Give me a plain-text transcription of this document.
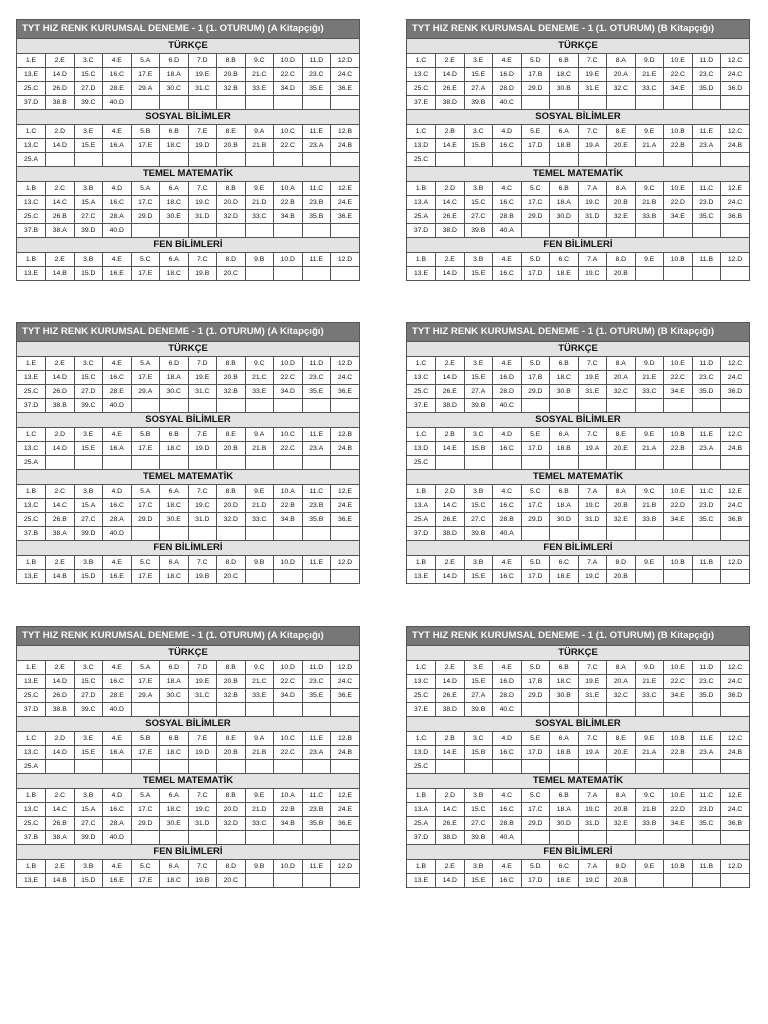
TYT HIZ RENK KURUMSAL DENEME - 1 (1. OTURUM) (A Kitapçığı)
TÜRKÇE
1.E	2.E	3.C	4.E	5.A	6.D	7.D	8.B	9.C	10.D	11.D	12.D
13.E	14.D	15.C	16.C	17.E	18.A	19.E	20.B	21.C	22.C	23.C	24.C
25.C	26.D	27.D	28.E	29.A	30.C	31.C	32.B	33.E	34.D	35.E	36.E
37.D	38.B	39.C	40.D								
SOSYAL BİLİMLER
1.C	2.D	3.E	4.E	5.B	6.B	7.E	8.E	9.A	10.C	11.E	12.B
13.C	14.D	15.E	16.A	17.E	18.C	19.D	20.B	21.B	22.C	23.A	24.B
25.A											
TEMEL MATEMATİK
1.B	2.C	3.B	4.D	5.A	6.A	7.C	8.B	9.E	10.A	11.C	12.E
13.C	14.C	15.A	16.C	17.C	18.C	19.C	20.D	21.D	22.B	23.B	24.E
25.C	26.B	27.C	28.A	29.D	30.E	31.D	32.D	33.C	34.B	35.B	36.E
37.B	38.A	39.D	40.D								
FEN BİLİMLERİ
1.B	2.E	3.B	4.E	5.C	6.A	7.C	8.D	9.B	10.D	11.E	12.D
13.E	14.B	15.D	16.E	17.E	18.C	19.B	20.C				
TYT HIZ RENK KURUMSAL DENEME - 1 (1. OTURUM) (B Kitapçığı)
TÜRKÇE
1.C	2.E	3.E	4.E	5.D	6.B	7.C	8.A	9.D	10.E	11.D	12.C
13.C	14.D	15.E	16.D	17.B	18.C	19.E	20.A	21.E	22.C	23.C	24.C
25.C	26.E	27.A	28.D	29.D	30.B	31.E	32.C	33.C	34.E	35.D	36.D
37.E	38.D	39.B	40.C								
SOSYAL BİLİMLER
1.C	2.B	3.C	4.D	5.E	6.A	7.C	8.E	9.E	10.B	11.E	12.C
13.D	14.E	15.B	16.C	17.D	18.B	19.A	20.E	21.A	22.B	23.A	24.B
25.C											
TEMEL MATEMATİK
1.B	2.D	3.B	4.C	5.C	6.B	7.A	8.A	9.C	10.E	11.C	12.E
13.A	14.C	15.C	16.C	17.C	18.A	19.C	20.B	21.B	22.D	23.D	24.C
25.A	26.E	27.C	28.B	29.D	30.D	31.D	32.E	33.B	34.E	35.C	36.B
37.D	38.D	39.B	40.A								
FEN BİLİMLERİ
1.B	2.E	3.B	4.E	5.D	6.C	7.A	8.D	9.E	10.B	11.B	12.D
13.E	14.D	15.E	16.C	17.D	18.E	19.C	20.B				
TYT HIZ RENK KURUMSAL DENEME - 1 (1. OTURUM) (A Kitapçığı)
TÜRKÇE
1.E	2.E	3.C	4.E	5.A	6.D	7.D	8.B	9.C	10.D	11.D	12.D
13.E	14.D	15.C	16.C	17.E	18.A	19.E	20.B	21.C	22.C	23.C	24.C
25.C	26.D	27.D	28.E	29.A	30.C	31.C	32.B	33.E	34.D	35.E	36.E
37.D	38.B	39.C	40.D								
SOSYAL BİLİMLER
1.C	2.D	3.E	4.E	5.B	6.B	7.E	8.E	9.A	10.C	11.E	12.B
13.C	14.D	15.E	16.A	17.E	18.C	19.D	20.B	21.B	22.C	23.A	24.B
25.A											
TEMEL MATEMATİK
1.B	2.C	3.B	4.D	5.A	6.A	7.C	8.B	9.E	10.A	11.C	12.E
13.C	14.C	15.A	16.C	17.C	18.C	19.C	20.D	21.D	22.B	23.B	24.E
25.C	26.B	27.C	28.A	29.D	30.E	31.D	32.D	33.C	34.B	35.B	36.E
37.B	38.A	39.D	40.D								
FEN BİLİMLERİ
1.B	2.E	3.B	4.E	5.C	6.A	7.C	8.D	9.B	10.D	11.E	12.D
13.E	14.B	15.D	16.E	17.E	18.C	19.B	20.C				
TYT HIZ RENK KURUMSAL DENEME - 1 (1. OTURUM) (B Kitapçığı)
TÜRKÇE
1.C	2.E	3.E	4.E	5.D	6.B	7.C	8.A	9.D	10.E	11.D	12.C
13.C	14.D	15.E	16.D	17.B	18.C	19.E	20.A	21.E	22.C	23.C	24.C
25.C	26.E	27.A	28.D	29.D	30.B	31.E	32.C	33.C	34.E	35.D	36.D
37.E	38.D	39.B	40.C								
SOSYAL BİLİMLER
1.C	2.B	3.C	4.D	5.E	6.A	7.C	8.E	9.E	10.B	11.E	12.C
13.D	14.E	15.B	16.C	17.D	18.B	19.A	20.E	21.A	22.B	23.A	24.B
25.C											
TEMEL MATEMATİK
1.B	2.D	3.B	4.C	5.C	6.B	7.A	8.A	9.C	10.E	11.C	12.E
13.A	14.C	15.C	16.C	17.C	18.A	19.C	20.B	21.B	22.D	23.D	24.C
25.A	26.E	27.C	28.B	29.D	30.D	31.D	32.E	33.B	34.E	35.C	36.B
37.D	38.D	39.B	40.A								
FEN BİLİMLERİ
1.B	2.E	3.B	4.E	5.D	6.C	7.A	8.D	9.E	10.B	11.B	12.D
13.E	14.D	15.E	16.C	17.D	18.E	19.C	20.B				
TYT HIZ RENK KURUMSAL DENEME - 1 (1. OTURUM) (A Kitapçığı)
TÜRKÇE
1.E	2.E	3.C	4.E	5.A	6.D	7.D	8.B	9.C	10.D	11.D	12.D
13.E	14.D	15.C	16.C	17.E	18.A	19.E	20.B	21.C	22.C	23.C	24.C
25.C	26.D	27.D	28.E	29.A	30.C	31.C	32.B	33.E	34.D	35.E	36.E
37.D	38.B	39.C	40.D								
SOSYAL BİLİMLER
1.C	2.D	3.E	4.E	5.B	6.B	7.E	8.E	9.A	10.C	11.E	12.B
13.C	14.D	15.E	16.A	17.E	18.C	19.D	20.B	21.B	22.C	23.A	24.B
25.A											
TEMEL MATEMATİK
1.B	2.C	3.B	4.D	5.A	6.A	7.C	8.B	9.E	10.A	11.C	12.E
13.C	14.C	15.A	16.C	17.C	18.C	19.C	20.D	21.D	22.B	23.B	24.E
25.C	26.B	27.C	28.A	29.D	30.E	31.D	32.D	33.C	34.B	35.B	36.E
37.B	38.A	39.D	40.D								
FEN BİLİMLERİ
1.B	2.E	3.B	4.E	5.C	6.A	7.C	8.D	9.B	10.D	11.E	12.D
13.E	14.B	15.D	16.E	17.E	18.C	19.B	20.C				
TYT HIZ RENK KURUMSAL DENEME - 1 (1. OTURUM) (B Kitapçığı)
TÜRKÇE
1.C	2.E	3.E	4.E	5.D	6.B	7.C	8.A	9.D	10.E	11.D	12.C
13.C	14.D	15.E	16.D	17.B	18.C	19.E	20.A	21.E	22.C	23.C	24.C
25.C	26.E	27.A	28.D	29.D	30.B	31.E	32.C	33.C	34.E	35.D	36.D
37.E	38.D	39.B	40.C								
SOSYAL BİLİMLER
1.C	2.B	3.C	4.D	5.E	6.A	7.C	8.E	9.E	10.B	11.E	12.C
13.D	14.E	15.B	16.C	17.D	18.B	19.A	20.E	21.A	22.B	23.A	24.B
25.C											
TEMEL MATEMATİK
1.B	2.D	3.B	4.C	5.C	6.B	7.A	8.A	9.C	10.E	11.C	12.E
13.A	14.C	15.C	16.C	17.C	18.A	19.C	20.B	21.B	22.D	23.D	24.C
25.A	26.E	27.C	28.B	29.D	30.D	31.D	32.E	33.B	34.E	35.C	36.B
37.D	38.D	39.B	40.A								
FEN BİLİMLERİ
1.B	2.E	3.B	4.E	5.D	6.C	7.A	8.D	9.E	10.B	11.B	12.D
13.E	14.D	15.E	16.C	17.D	18.E	19.C	20.B				
